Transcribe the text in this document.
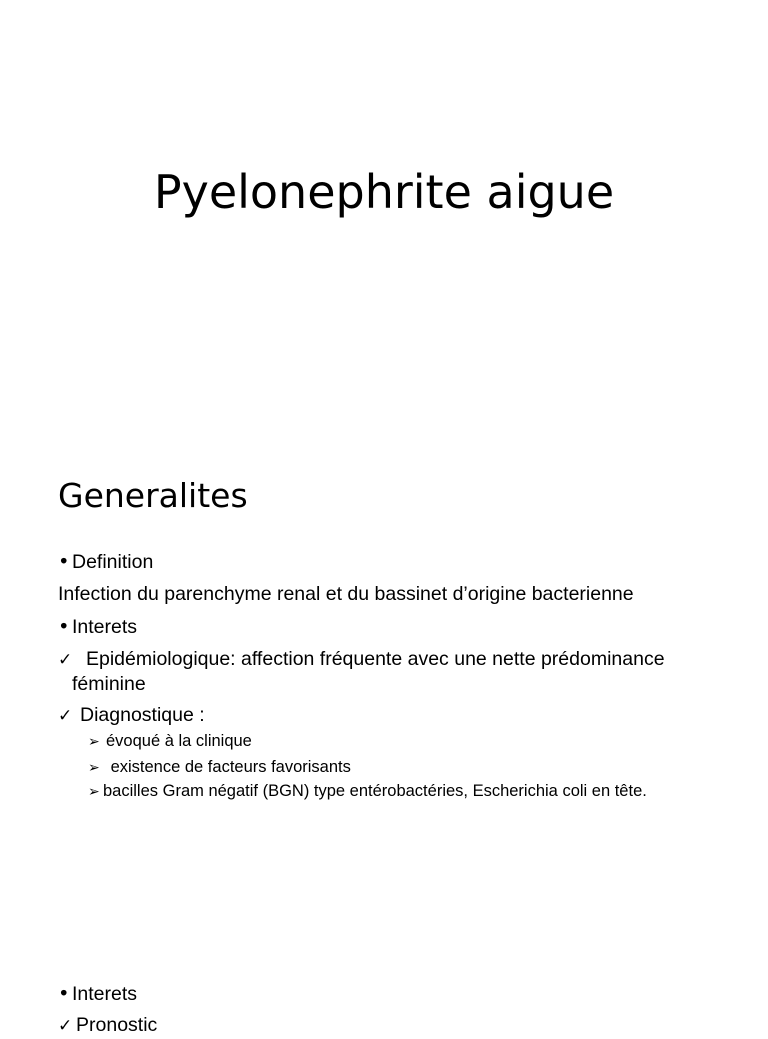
Pyelonephrite aigue
Generalites
• Definition
Infection du parenchyme renal et du bassinet d’origine bacterienne
• Interets
✓ Epidémiologique: affection fréquente avec une nette prédominance
féminine
✓ Diagnostique :
➢ évoqué à la clinique
➢ existence de facteurs favorisants
➢ bacilles Gram négatif (BGN) type entérobactéries, Escherichia coli en tête.
• Interets
✓ Pronostic
